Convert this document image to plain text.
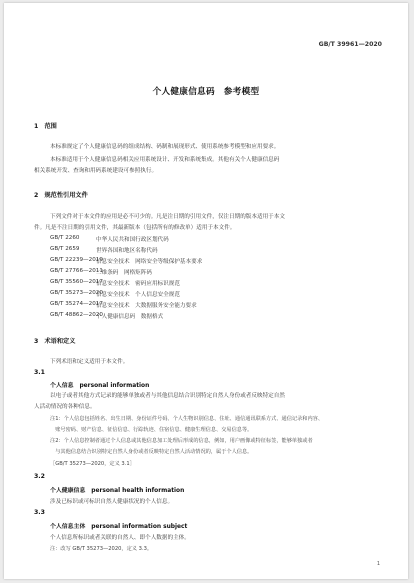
GB/T 39961—2020
个人健康信息码　参考模型
1　范围
本标准规定了个人健康信息码的组成结构、码制和展现形式、使用系统参考模型和应用要求。
本标准适用于个人健康信息码相关应用系统设计、开发和系统集成。其他有关个人健康信息码
相关系统开发、查询和用码系统建设可参照执行。
2　规范性引用文件
下列文件对于本文件的应用是必不可少的。凡是注日期的引用文件，仅注日期的版本适用于本文
件。凡是不注日期的引用文件，其最新版本（包括所有的修改单）适用于本文件。
GB/T 2260	中华人民共和国行政区划代码
GB/T 2659	世界各国和地区名称代码
GB/T 22239—2019
信息安全技术　网络安全等级保护基本要求
GB/T 27766—2011
二维条码　网格矩阵码
GB/T 35560—2017
信息安全技术　密码应用标识规范
GB/T 35273—2020
信息安全技术　个人信息安全规范
GB/T 35274—2017
信息安全技术　大数据服务安全能力要求
GB/T 48862—2020
个人健康信息码　数据格式
3　术语和定义
下列术语和定义适用于本文件。
3.1
个人信息　personal information
以电子或者其他方式记录的能够单独或者与其他信息结合识别特定自然人身份或者反映特定自然
人活动情况的各种信息。
注1：个人信息包括姓名、出生日期、身份证件号码、个人生物识别信息、住址、通信通讯联系方式、通信记录和内容、
　账号密码、财产信息、征信信息、行踪轨迹、住宿信息、健康生理信息、交易信息等。
注2：个人信息控制者通过个人信息或其他信息加工处理后形成的信息，例如，用户画像或特征标签，能够单独或者
　与其他信息结合识别特定自然人身份或者反映特定自然人活动情况的，属于个人信息。
［GB/T 35273—2020，定义 3.1］
3.2
个人健康信息　personal health information
涉及已标识或可标识自然人健康状况的个人信息。
3.3
个人信息主体　personal information subject
个人信息所标识或者关联的自然人、即个人数据的主体。
注：改写 GB/T 35273—2020，定义 3.3。
1
